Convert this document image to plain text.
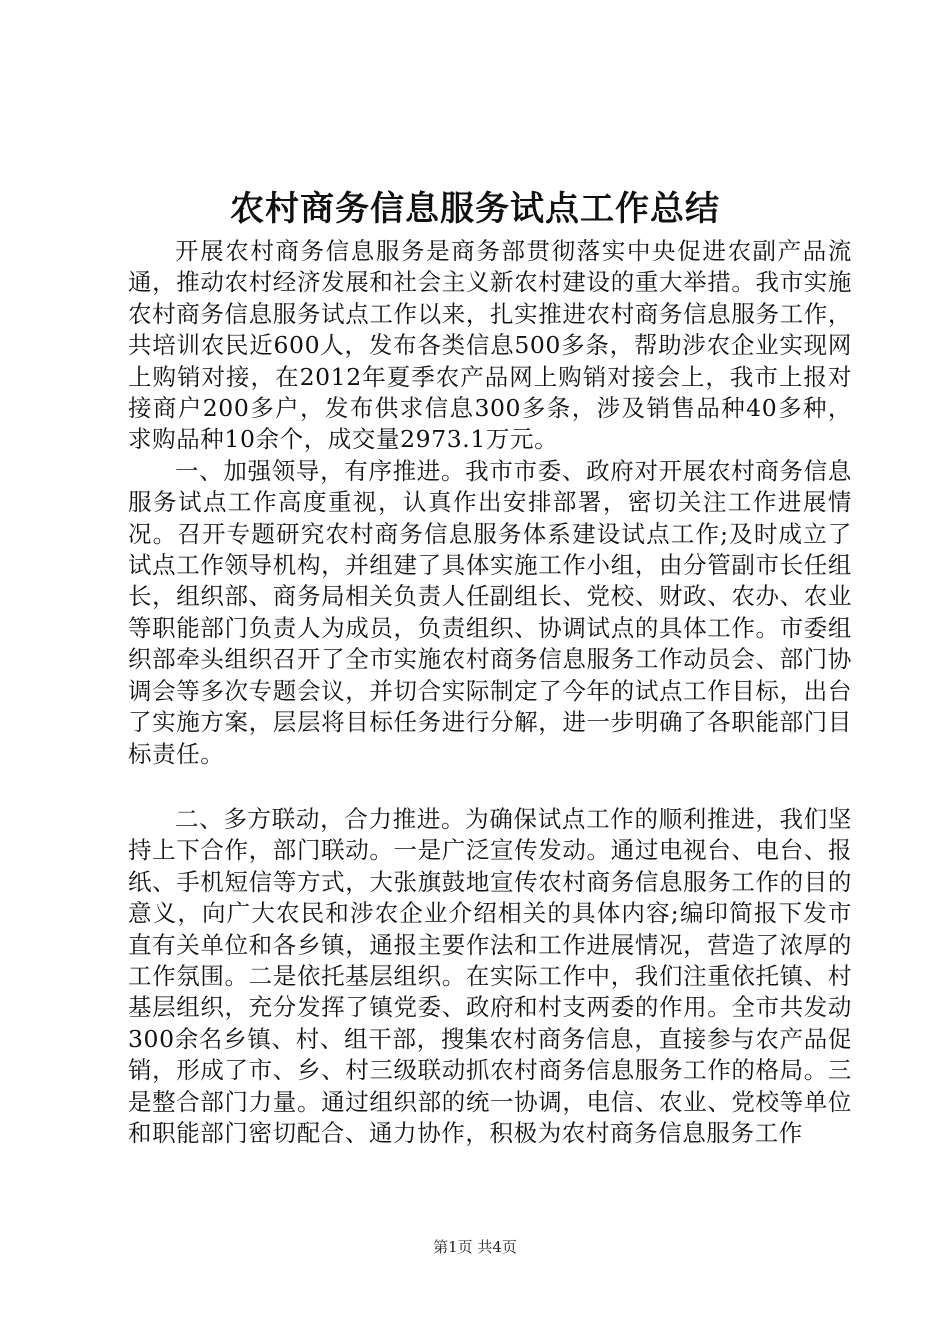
农村商务信息服务试点工作总结

开展农村商务信息服务是商务部贯彻落实中央促进农副产品流通，推动农村经济发展和社会主义新农村建设的重大举措。我市实施农村商务信息服务试点工作以来，扎实推进农村商务信息服务工作，共培训农民近600人，发布各类信息500多条，帮助涉农企业实现网上购销对接，在2012年夏季农产品网上购销对接会上，我市上报对接商户200多户，发布供求信息300多条，涉及销售品种40多种，求购品种10余个，成交量2973.1万元。

一、加强领导，有序推进。我市市委、政府对开展农村商务信息服务试点工作高度重视，认真作出安排部署，密切关注工作进展情况。召开专题研究农村商务信息服务体系建设试点工作;及时成立了试点工作领导机构，并组建了具体实施工作小组，由分管副市长任组长，组织部、商务局相关负责人任副组长、党校、财政、农办、农业等职能部门负责人为成员，负责组织、协调试点的具体工作。市委组织部牵头组织召开了全市实施农村商务信息服务工作动员会、部门协调会等多次专题会议，并切合实际制定了今年的试点工作目标，出台了实施方案，层层将目标任务进行分解，进一步明确了各职能部门目标责任。

二、多方联动，合力推进。为确保试点工作的顺利推进，我们坚持上下合作，部门联动。一是广泛宣传发动。通过电视台、电台、报纸、手机短信等方式，大张旗鼓地宣传农村商务信息服务工作的目的意义，向广大农民和涉农企业介绍相关的具体内容;编印简报下发市直有关单位和各乡镇，通报主要作法和工作进展情况，营造了浓厚的工作氛围。二是依托基层组织。在实际工作中，我们注重依托镇、村基层组织，充分发挥了镇党委、政府和村支两委的作用。全市共发动300余名乡镇、村、组干部，搜集农村商务信息，直接参与农产品促销，形成了市、乡、村三级联动抓农村商务信息服务工作的格局。三是整合部门力量。通过组织部的统一协调，电信、农业、党校等单位和职能部门密切配合、通力协作，积极为农村商务信息服务工作

第1页 共4页
